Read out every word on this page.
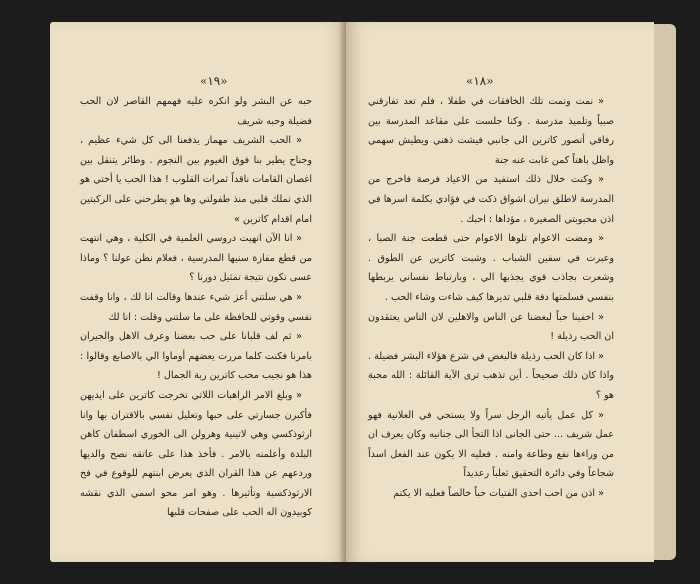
«١٩»

حبه عن البشر ولو انكره عليه فهمهم القاصر لان الحب فضيلة وحبه شريف

« الحب الشريف مهماز يدفعنا الى كل شيء عظيم ، وجناح يطير بنا فوق الغيوم بين النجوم . وطائر يتنقل بين اغصان القامات ناقداً ثمرات القلوب ! هذا الحب يا أختي هو الذي تملك قلبي منذ طفولتي وها هو يطرحني على الركبتين امام اقدام كاترين »

« انا الآن انهيت دروسي العلمية في الكلية ، وهي انتهت من قطع مفازة سنيها المدرسية ، فعلام نظن عولنا ؟ وماذا عسى تكون نتيجة تمثيل دورنا ؟

« هي سلتني أعز شيء عندها وقالت انا لك ، وانا وقفت نفسي وقوتي للحافظة على ما سلتني وقلت : انا لك

« ثم لف قلبانا على حب بعضنا وعرف الاهل والجيران بامرنا فكنت كلما مررت يعضهم أوماوا الي بالاصابع وقالوا : هذا هو نجيب محب كاترين ربة الجمال !

« وبلغ الامر الراهبات اللاتي تخرجت كاترين على ايديهن فأكبرن جسارتي على حبها وتعليل نفسي بالاقتران بها وانا ارثوذكسي وهي لاتينية وهرولن الى الخوري اسطفان كاهن البلدة وأعلمنه بالامر . فأخذ هذا على عاتقه نصح والديها وردعهم عن هذا القران الذي يعرض ابنتهم للوقوع في فخ الارثوذكسية وتأثيرها . وهو امر محو اسمي الذي نقشه كوبيدون اله الحب على صفحات قلبها

«١٨»

« نمت ونمت تلك الخافقات في طفلا ، فلم تعد تفارقني صبياً وتلميذ مدرسة . وكنا جلست على مقاعد المدرسة بين رفاقي أتصور كاترين الى جانبي فيشت ذهني ويطيش سهمي واظل باهتاً كمن غابت عنه جنة

« وكنت خلال ذلك استفيد من الاعياد فرصة فاخرج من المدرسة لاطلق نيران اشواق ذكت في فؤادي بكلمة اسرها في اذن محبوبتي الصغيرة ، مؤداها : احبك .

« ومضت الاعوام تلوها الاعوام حتى قطعت جنة الصبا ، وعبرت في سفين الشباب . وشبت كاترين عن الطوق . وشعرت بجاذب قوي يجذبها الي ، وبارتباط نفساني يربطها بنفسي فسلمتها دفة قلبي تديرها كيف شاءت وشاء الحب .

« اخفينا حباً لبعضنا عن الناس والاهلين لان الناس يعتقدون ان الحب رذيلة !

« اذا كان الحب رذيلة فالبغض في شرع هؤلاء البشر فضيلة . واذا كان ذلك صحيحاً . أين تذهب ترى الآية القائلة : الله محبة هو ؟

« كل عمل يأتيه الرجل سراً ولا يستحي في العلانية فهو عمل شريف ... حتى الجانى اذا التجأ الى جنانيه وكان يعرف ان من وراءها نفع وطاعة وامنه . فعليه الا يكون عند الفعل اسداً شجاعاً وفي دائرة التحقيق ثعلباً رعديداً

« اذن من احب احدى الفتيات حباً خالصاً فعليه الا يكتم
